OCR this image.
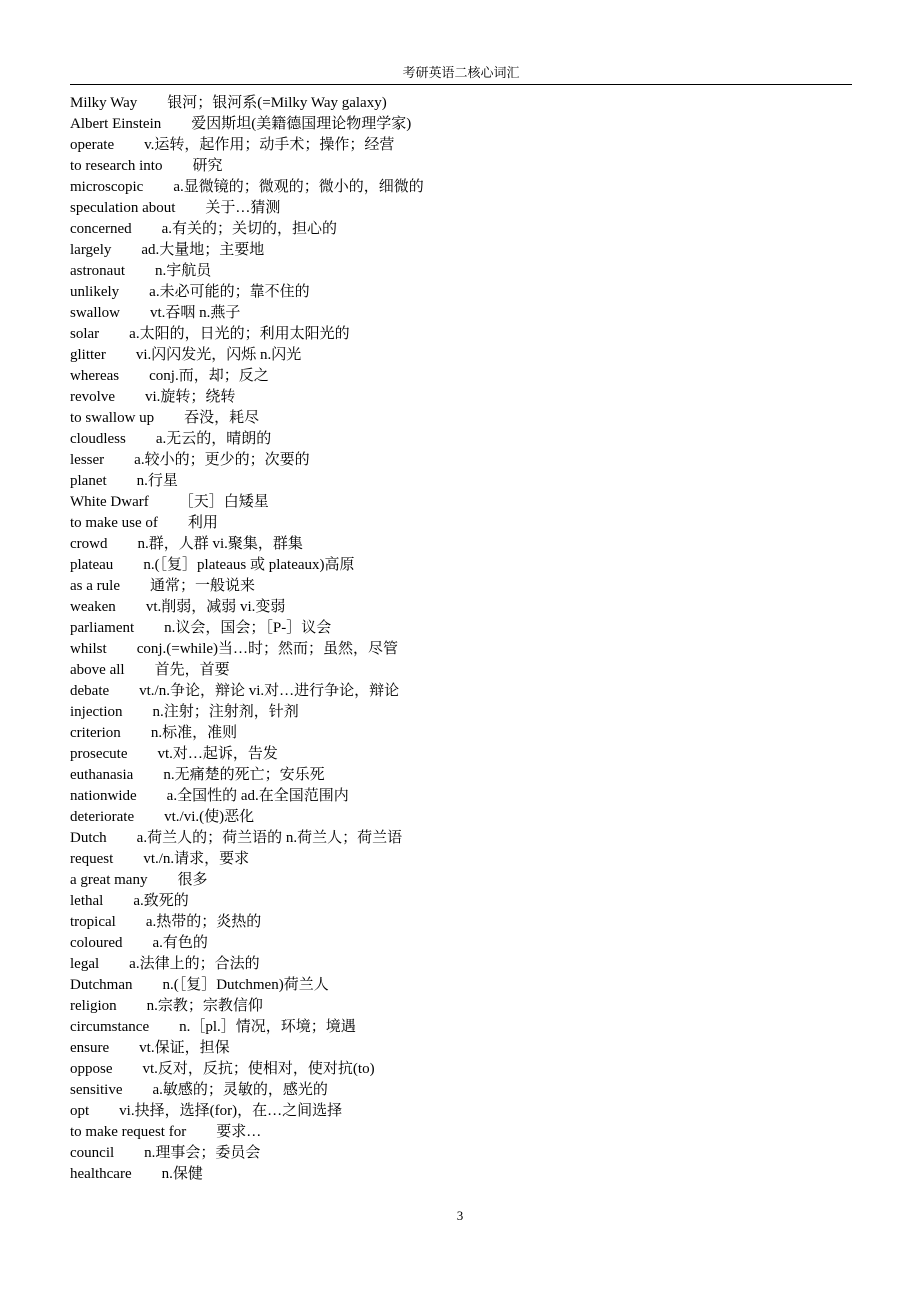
考研英语二核心词汇
Milky Way 银河；银河系(=Milky Way galaxy)
Albert Einstein 爱因斯坦(美籍德国理论物理学家)
operate v.运转，起作用；动手术；操作；经营
to research into 研究
microscopic a.显微镜的；微观的；微小的，细微的
speculation about 关于…猜测
concerned a.有关的；关切的，担心的
largely ad.大量地；主要地
astronaut n.宇航员
unlikely a.未必可能的；靠不住的
swallow vt.吞咽 n.燕子
solar a.太阳的，日光的；利用太阳光的
glitter vi.闪闪发光，闪烁 n.闪光
whereas conj.而，却；反之
revolve vi.旋转；绕转
to swallow up 吞没，耗尽
cloudless a.无云的，晴朗的
lesser a.较小的；更少的；次要的
planet n.行星
White Dwarf ［天］白矮星
to make use of 利用
crowd n.群，人群 vi.聚集，群集
plateau n.(［复］plateaus 或 plateaux)高原
as a rule 通常；一般说来
weaken vt.削弱，减弱 vi.变弱
parliament n.议会，国会；［P-］议会
whilst conj.(=while)当…时；然而；虽然，尽管
above all 首先，首要
debate vt./n.争论，辩论 vi.对…进行争论，辩论
injection n.注射；注射剂，针剂
criterion n.标准，准则
prosecute vt.对…起诉，告发
euthanasia n.无痛楚的死亡；安乐死
nationwide a.全国性的 ad.在全国范围内
deteriorate vt./vi.(使)恶化
Dutch a.荷兰人的；荷兰语的 n.荷兰人；荷兰语
request vt./n.请求，要求
a great many 很多
lethal a.致死的
tropical a.热带的；炎热的
coloured a.有色的
legal a.法律上的；合法的
Dutchman n.(［复］Dutchmen)荷兰人
religion n.宗教；宗教信仰
circumstance n.［pl.］情况，环境；境遇
ensure vt.保证，担保
oppose vt.反对，反抗；使相对，使对抗(to)
sensitive a.敏感的；灵敏的，感光的
opt vi.抉择，选择(for)，在…之间选择
to make request for 要求…
council n.理事会；委员会
healthcare n.保健
3
